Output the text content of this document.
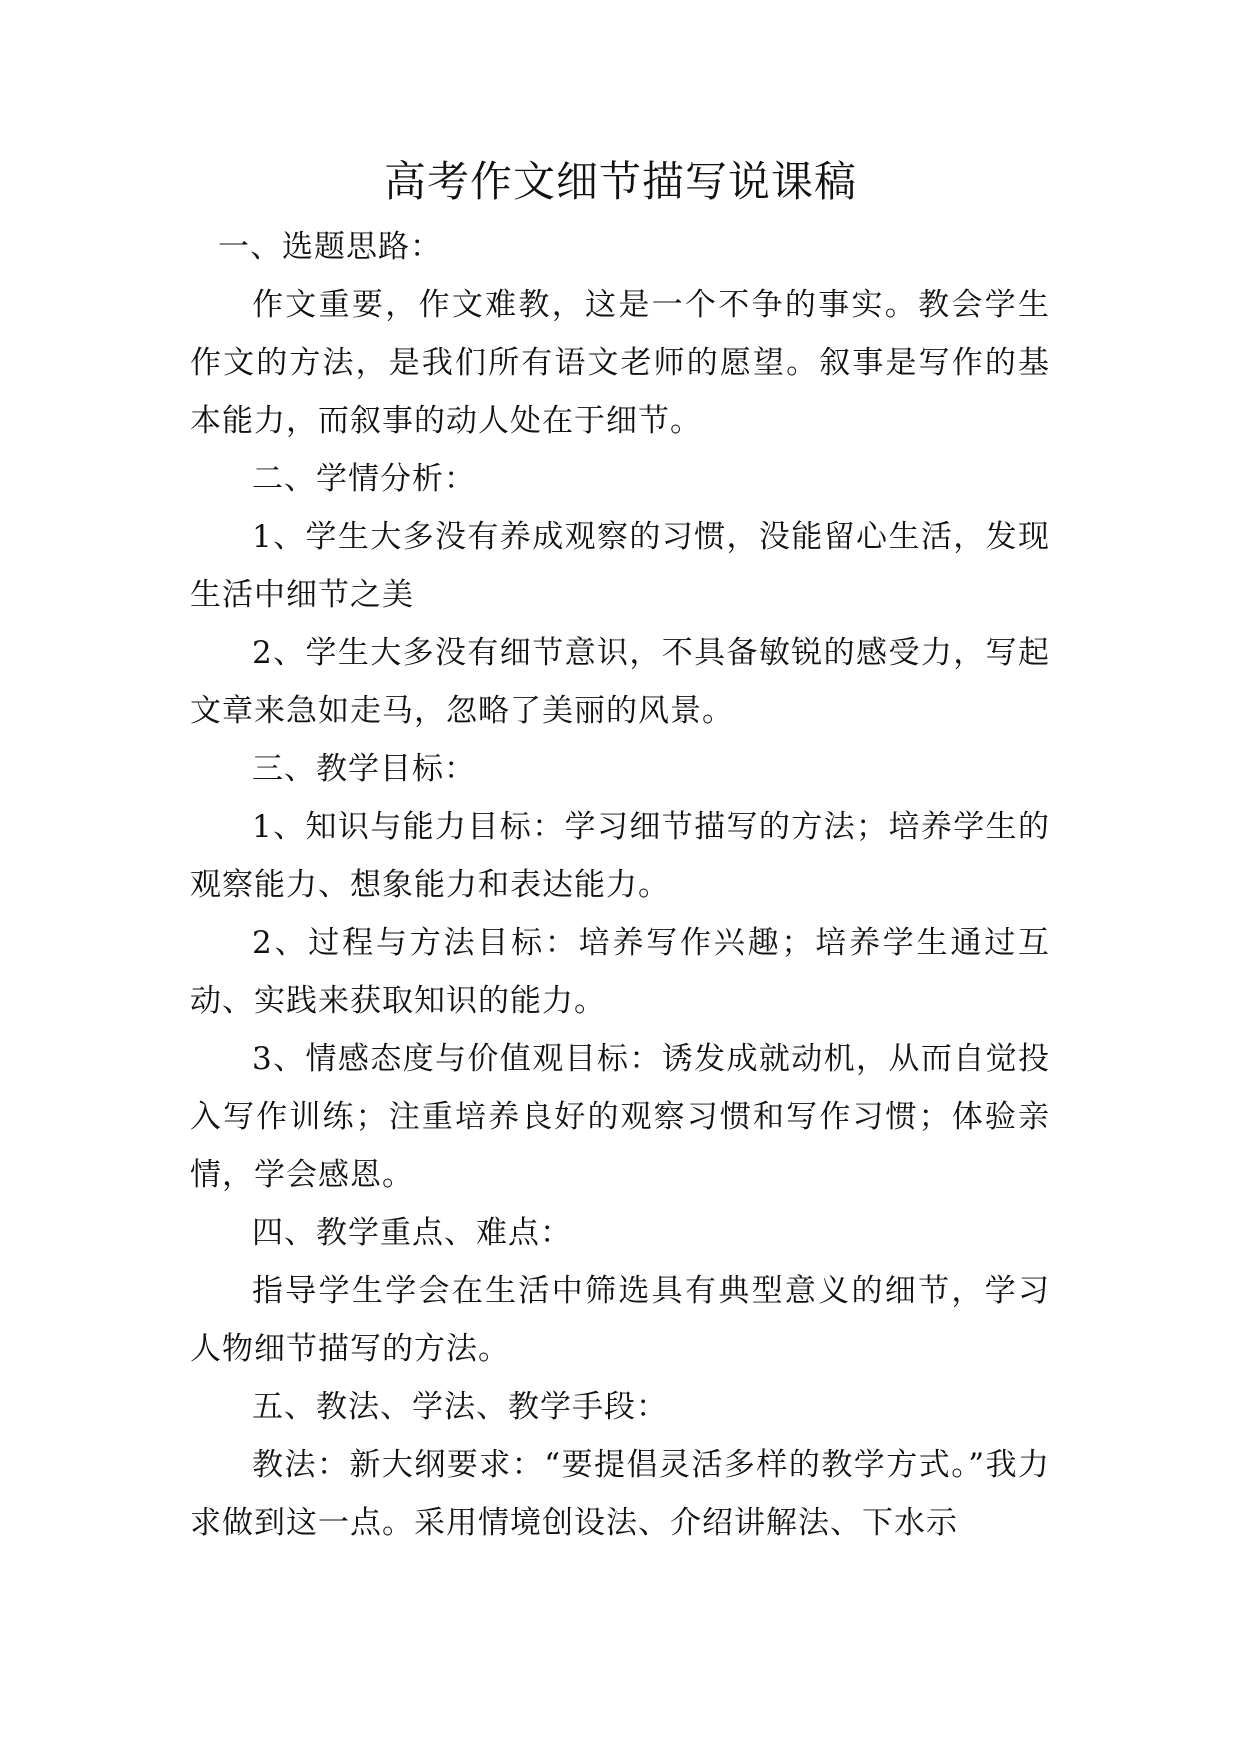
高考作文细节描写说课稿

一、选题思路：

作文重要，作文难教，这是一个不争的事实。教会学生作文的方法，是我们所有语文老师的愿望。叙事是写作的基本能力，而叙事的动人处在于细节。

二、学情分析：

1、学生大多没有养成观察的习惯，没能留心生活，发现生活中细节之美

2、学生大多没有细节意识，不具备敏锐的感受力，写起文章来急如走马，忽略了美丽的风景。

三、教学目标：

1、知识与能力目标：学习细节描写的方法；培养学生的观察能力、想象能力和表达能力。

2、过程与方法目标：培养写作兴趣；培养学生通过互动、实践来获取知识的能力。

3、情感态度与价值观目标：诱发成就动机，从而自觉投入写作训练；注重培养良好的观察习惯和写作习惯；体验亲情，学会感恩。

四、教学重点、难点：

指导学生学会在生活中筛选具有典型意义的细节，学习人物细节描写的方法。

五、教法、学法、教学手段：

教法：新大纲要求：“要提倡灵活多样的教学方式。”我力求做到这一点。采用情境创设法、介绍讲解法、下水示
